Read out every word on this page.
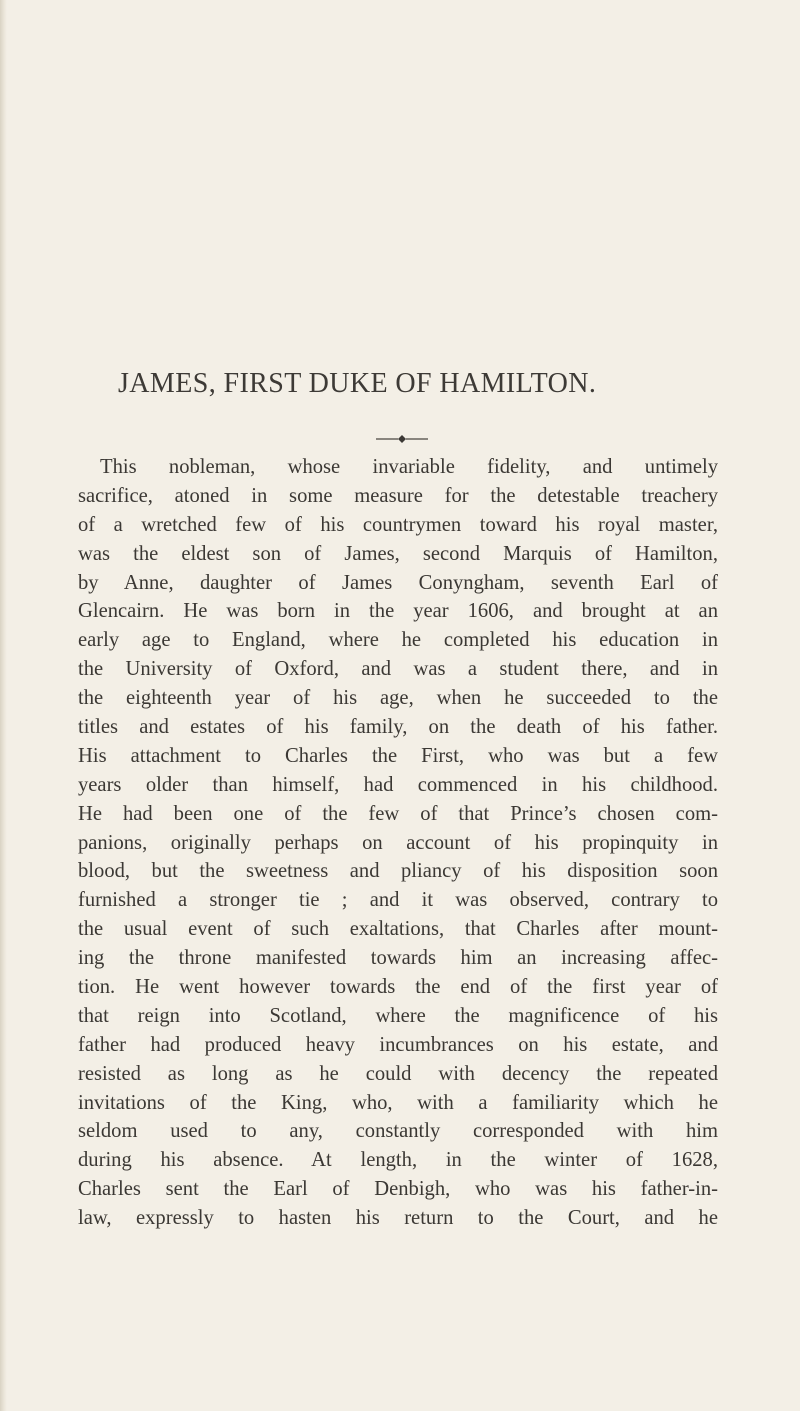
JAMES, FIRST DUKE OF HAMILTON.
This nobleman, whose invariable fidelity, and untimely
sacrifice, atoned in some measure for the detestable treachery
of a wretched few of his countrymen toward his royal master,
was the eldest son of James, second Marquis of Hamilton,
by Anne, daughter of James Conyngham, seventh Earl of
Glencairn. He was born in the year 1606, and brought at an
early age to England, where he completed his education in
the University of Oxford, and was a student there, and in
the eighteenth year of his age, when he succeeded to the
titles and estates of his family, on the death of his father.
His attachment to Charles the First, who was but a few
years older than himself, had commenced in his childhood.
He had been one of the few of that Prince’s chosen com-
panions, originally perhaps on account of his propinquity in
blood, but the sweetness and pliancy of his disposition soon
furnished a stronger tie ; and it was observed, contrary to
the usual event of such exaltations, that Charles after mount-
ing the throne manifested towards him an increasing affec-
tion. He went however towards the end of the first year of
that reign into Scotland, where the magnificence of his
father had produced heavy incumbrances on his estate, and
resisted as long as he could with decency the repeated
invitations of the King, who, with a familiarity which he
seldom used to any, constantly corresponded with him
during his absence. At length, in the winter of 1628,
Charles sent the Earl of Denbigh, who was his father-in-
law, expressly to hasten his return to the Court, and he
